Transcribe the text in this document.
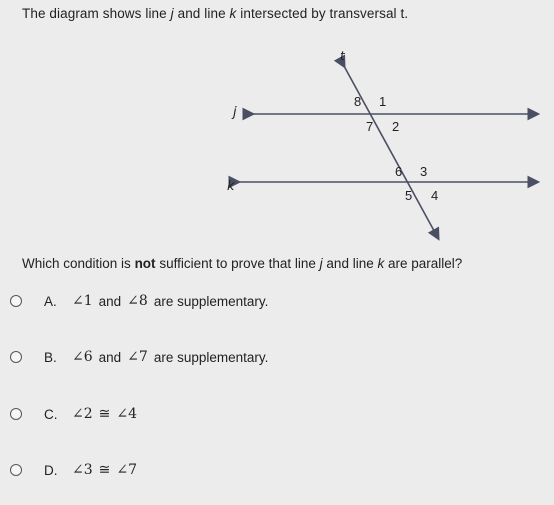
The diagram shows line j and line k intersected by transversal t.
t
j
k
8 1
7 2
6 3
5 4
Which condition is not sufficient to prove that line j and line k are parallel?
A.	∠1 and ∠8 are supplementary.
B.	∠6 and ∠7 are supplementary.
C.	∠2 ≅ ∠4
D.	∠3 ≅ ∠7
